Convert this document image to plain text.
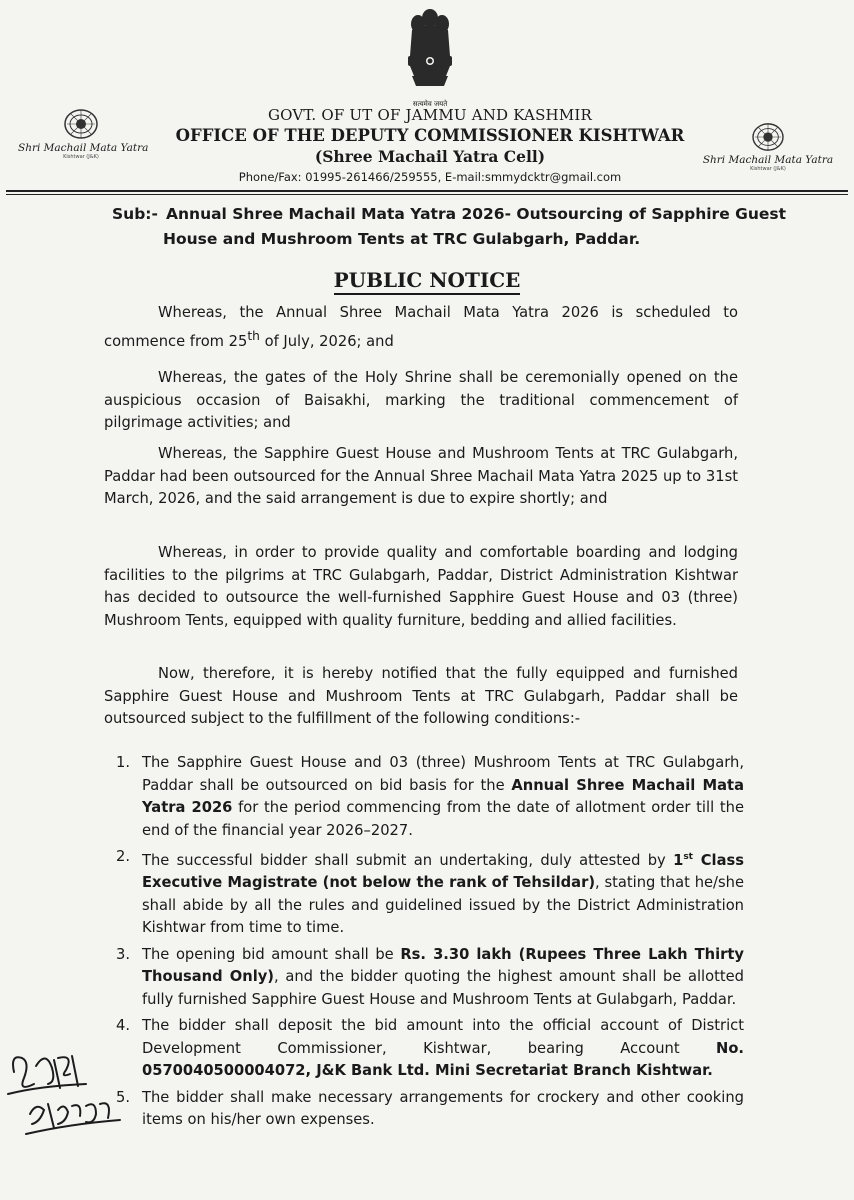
सत्यमेव जयते
Shri Machail Mata Yatra
Kishtwar (J&K)
GOVT. OF UT OF JAMMU AND KASHMIR
OFFICE OF THE DEPUTY COMMISSIONER KISHTWAR
(Shree Machail Yatra Cell)
Phone/Fax: 01995-261466/259555, E-mail:smmydcktr@gmail.com
Shri Machail Mata Yatra
Kishtwar (J&K)
Sub:- Annual Shree Machail Mata Yatra 2026- Outsourcing of Sapphire Guest
House and Mushroom Tents at TRC Gulabgarh, Paddar.
PUBLIC NOTICE

Whereas, the Annual Shree Machail Mata Yatra 2026 is scheduled to commence from 25th of July, 2026; and

Whereas, the gates of the Holy Shrine shall be ceremonially opened on the auspicious occasion of Baisakhi, marking the traditional commencement of pilgrimage activities; and

Whereas, the Sapphire Guest House and Mushroom Tents at TRC Gulabgarh, Paddar had been outsourced for the Annual Shree Machail Mata Yatra 2025 up to 31st March, 2026, and the said arrangement is due to expire shortly; and

Whereas, in order to provide quality and comfortable boarding and lodging facilities to the pilgrims at TRC Gulabgarh, Paddar, District Administration Kishtwar has decided to outsource the well-furnished Sapphire Guest House and 03 (three) Mushroom Tents, equipped with quality furniture, bedding and allied facilities.

Now, therefore, it is hereby notified that the fully equipped and furnished Sapphire Guest House and Mushroom Tents at TRC Gulabgarh, Paddar shall be outsourced subject to the fulfillment of the following conditions:-

1. The Sapphire Guest House and 03 (three) Mushroom Tents at TRC Gulabgarh, Paddar shall be outsourced on bid basis for the Annual Shree Machail Mata Yatra 2026 for the period commencing from the date of allotment order till the end of the financial year 2026–2027.
2. The successful bidder shall submit an undertaking, duly attested by 1st Class Executive Magistrate (not below the rank of Tehsildar), stating that he/she shall abide by all the rules and guidelined issued by the District Administration Kishtwar from time to time.
3. The opening bid amount shall be Rs. 3.30 lakh (Rupees Three Lakh Thirty Thousand Only), and the bidder quoting the highest amount shall be allotted fully furnished Sapphire Guest House and Mushroom Tents at Gulabgarh, Paddar.
4. The bidder shall deposit the bid amount into the official account of District Development Commissioner, Kishtwar, bearing Account No. 0570040500004072, J&K Bank Ltd. Mini Secretariat Branch Kishtwar.
5. The bidder shall make necessary arrangements for crockery and other cooking items on his/her own expenses.
